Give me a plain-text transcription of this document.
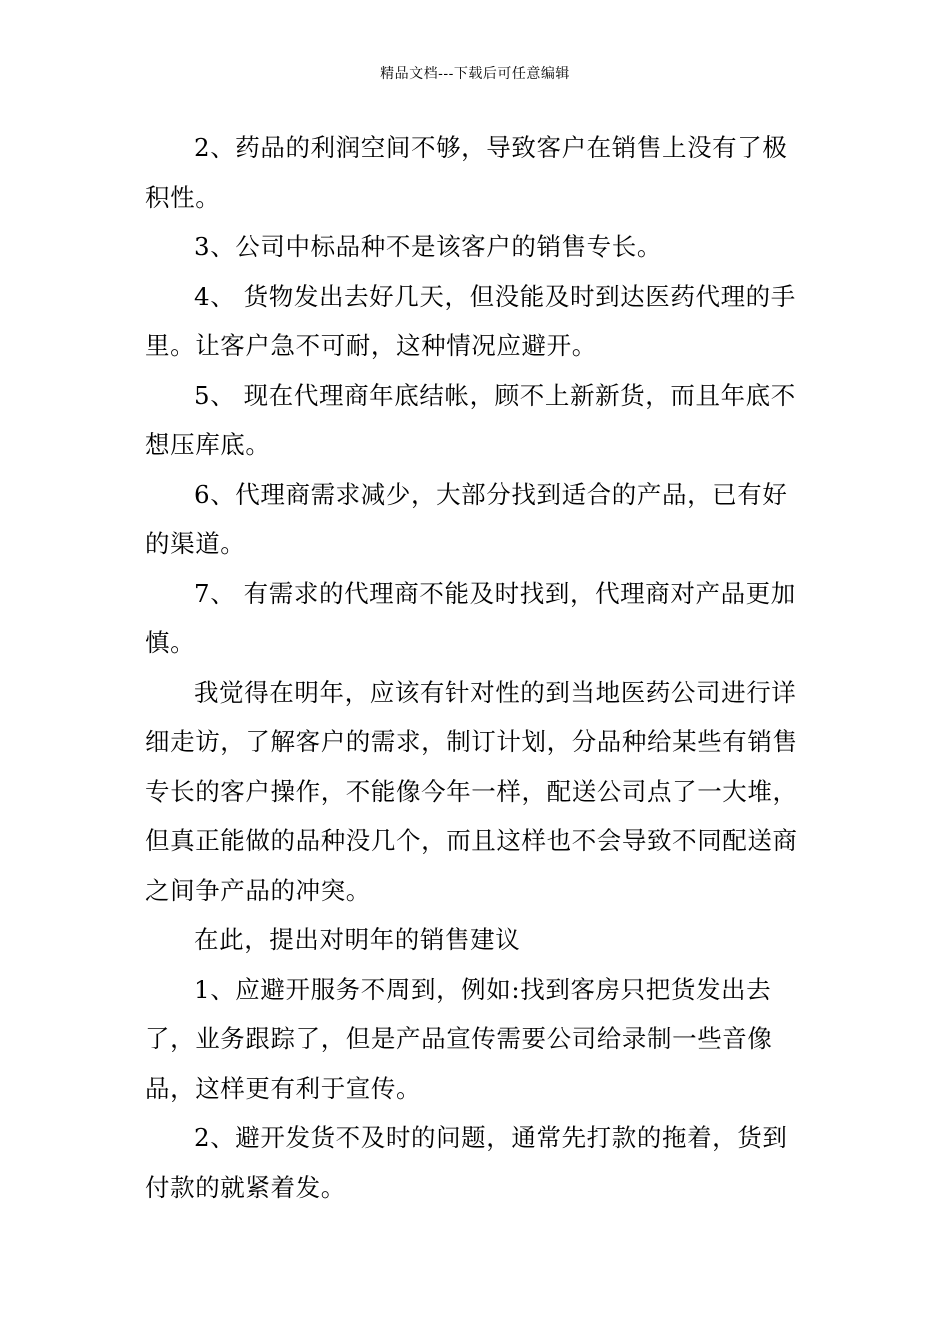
精品文档---下载后可任意编辑

2、药品的利润空间不够，导致客户在销售上没有了极积性。

3、公司中标品种不是该客户的销售专长。

4、 货物发出去好几天，但没能及时到达医药代理的手里。让客户急不可耐，这种情况应避开。

5、 现在代理商年底结帐，顾不上新新货，而且年底不想压库底。

6、代理商需求减少，大部分找到适合的产品，已有好的渠道。

7、 有需求的代理商不能及时找到，代理商对产品更加慎。

我觉得在明年，应该有针对性的到当地医药公司进行详细走访，了解客户的需求，制订计划，分品种给某些有销售专长的客户操作，不能像今年一样，配送公司点了一大堆，但真正能做的品种没几个，而且这样也不会导致不同配送商之间争产品的冲突。

在此，提出对明年的销售建议

1、应避开服务不周到，例如:找到客房只把货发出去了，业务跟踪了，但是产品宣传需要公司给录制一些音像品，这样更有利于宣传。

2、避开发货不及时的问题，通常先打款的拖着，货到付款的就紧着发。
